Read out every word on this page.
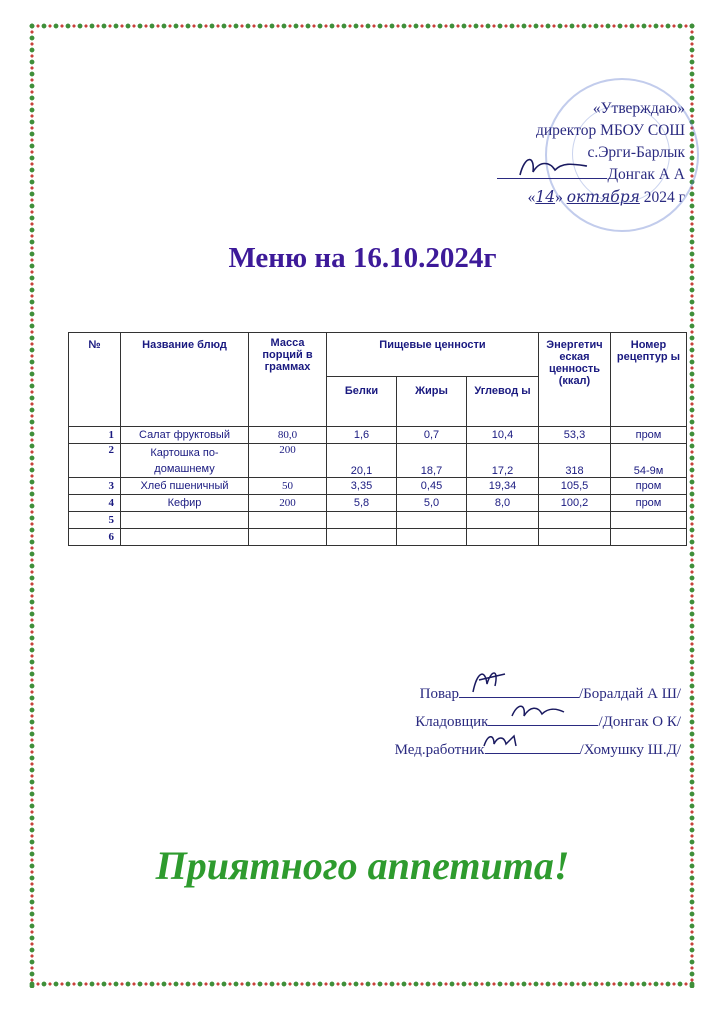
«Утверждаю»
директор МБОУ СОШ
с.Эрги-Барлык
Донгак А А
«14» октября 2024 г
Меню на 16.10.2024г
№	Название блюд	Масса порций в граммах	Пищевые ценности			Энергетич еская ценность (ккал)	Номер рецептур ы
			Белки	Жиры	Углевод ы		
1	Салат фруктовый	80,0	1,6	0,7	10,4	53,3	пром
2	Картошка по-домашнему	200	20,1	18,7	17,2	318	54-9м
3	Хлеб пшеничный	50	3,35	0,45	19,34	105,5	пром
4	Кефир	200	5,8	5,0	8,0	100,2	пром
5							
6							
Повар	/Боралдай А Ш/
Кладовщик	/Донгак О К/
Мед.работник	/Хомушку Ш.Д/
Приятного аппетита!
